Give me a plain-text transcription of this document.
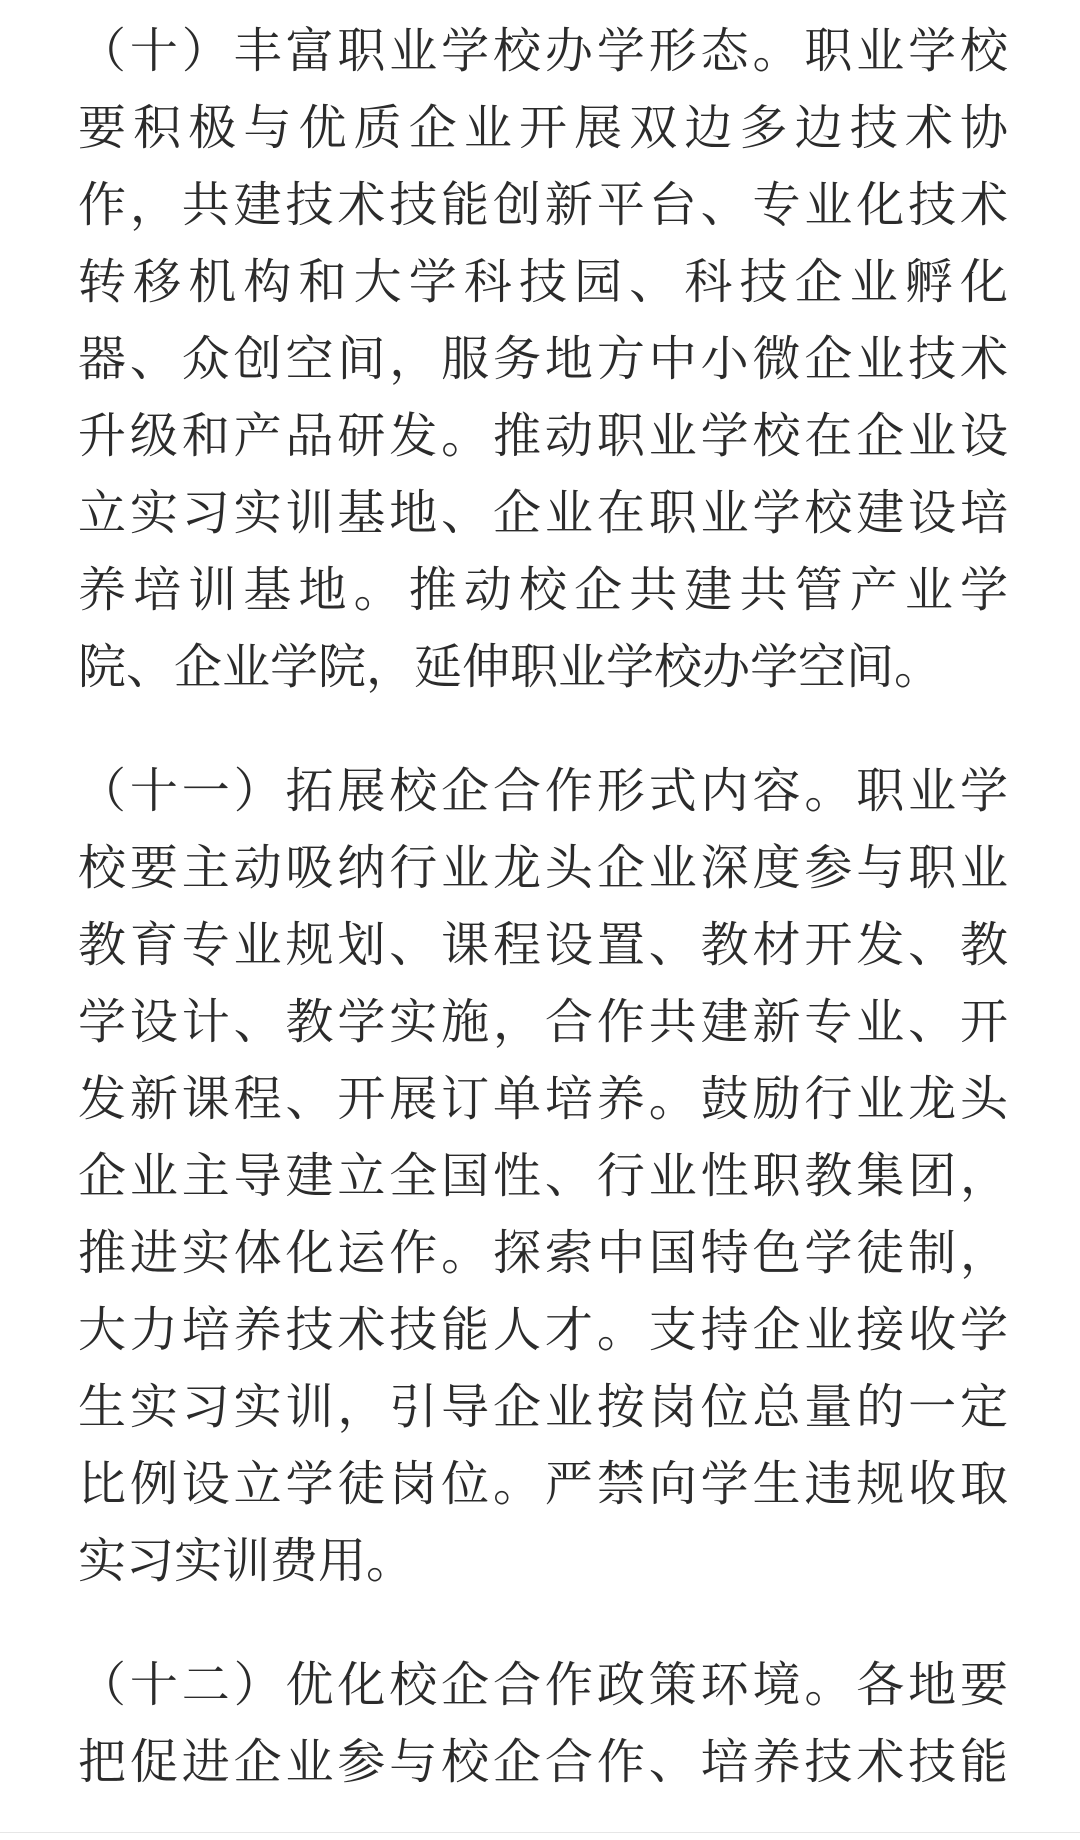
（十）丰富职业学校办学形态。职业学校
要积极与优质企业开展双边多边技术协
作，共建技术技能创新平台、专业化技术
转移机构和大学科技园、科技企业孵化
器、众创空间，服务地方中小微企业技术
升级和产品研发。推动职业学校在企业设
立实习实训基地、企业在职业学校建设培
养培训基地。推动校企共建共管产业学
院、企业学院，延伸职业学校办学空间。
（十一）拓展校企合作形式内容。职业学
校要主动吸纳行业龙头企业深度参与职业
教育专业规划、课程设置、教材开发、教
学设计、教学实施，合作共建新专业、开
发新课程、开展订单培养。鼓励行业龙头
企业主导建立全国性、行业性职教集团，
推进实体化运作。探索中国特色学徒制，
大力培养技术技能人才。支持企业接收学
生实习实训，引导企业按岗位总量的一定
比例设立学徒岗位。严禁向学生违规收取
实习实训费用。
（十二）优化校企合作政策环境。各地要
把促进企业参与校企合作、培养技术技能
